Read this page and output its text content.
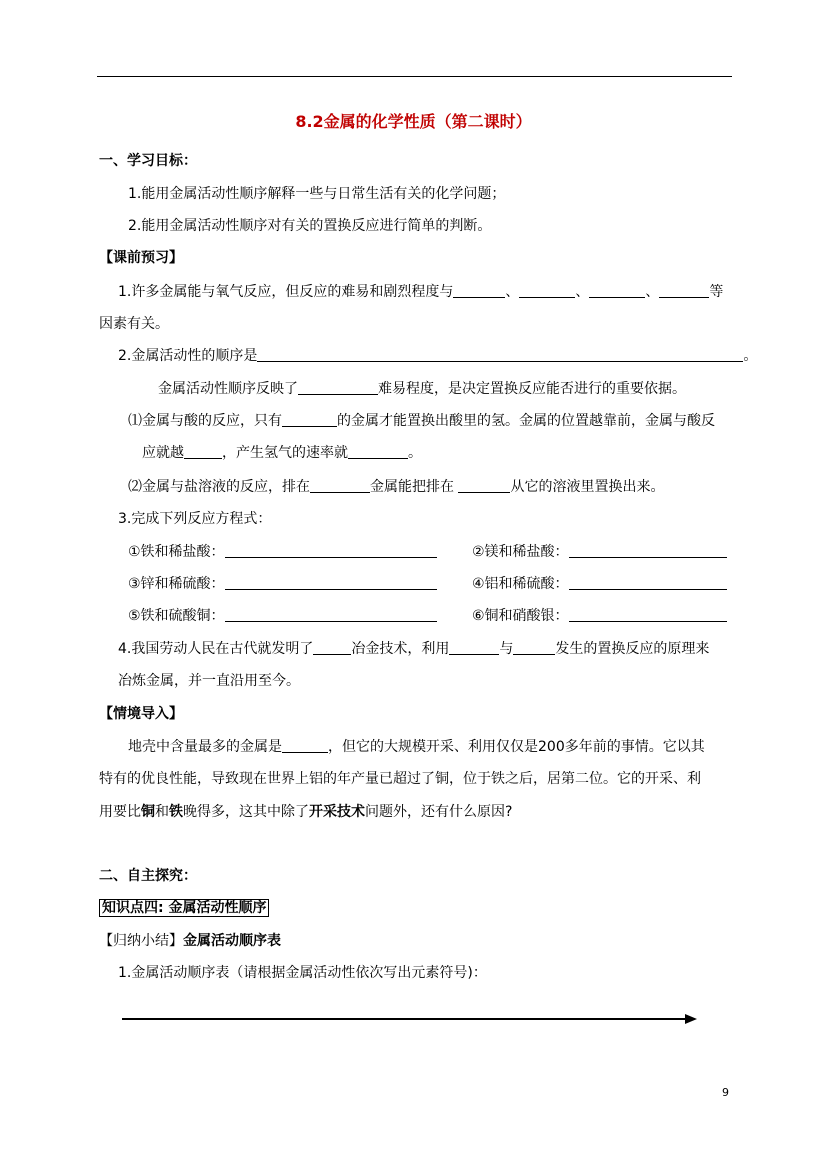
8.2金属的化学性质（第二课时）
一、学习目标：
1.能用金属活动性顺序解释一些与日常生活有关的化学问题；
2.能用金属活动性顺序对有关的置换反应进行简单的判断。
【课前预习】
1.许多金属能与氧气反应，但反应的难易和剧烈程度与	、	、	、	等
因素有关。
2.金属活动性的顺序是	。
金属活动性顺序反映了	难易程度，是决定置换反应能否进行的重要依据。
⑴金属与酸的反应，只有	的金属才能置换出酸里的氢。金属的位置越靠前，金属与酸反
应就越	，产生氢气的速率就	。
⑵金属与盐溶液的反应，排在	金属能把排在	从它的溶液里置换出来。
3.完成下列反应方程式：
①铁和稀盐酸：	②镁和稀盐酸：
③锌和稀硫酸：	④铝和稀硫酸：
⑤铁和硫酸铜：	⑥铜和硝酸银：
4.我国劳动人民在古代就发明了	冶金技术，利用	与	发生的置换反应的原理来
冶炼金属，并一直沿用至今。
【情境导入】
地壳中含量最多的金属是	，但它的大规模开采、利用仅仅是200多年前的事情。它以其
特有的优良性能，导致现在世界上铝的年产量已超过了铜，位于铁之后，居第二位。它的开采、利
用要比铜和铁晚得多，这其中除了开采技术问题外，还有什么原因?
二、自主探究：
知识点四: 金属活动性顺序
【归纳小结】金属活动顺序表
1.金属活动顺序表（请根据金属活动性依次写出元素符号)：
9
